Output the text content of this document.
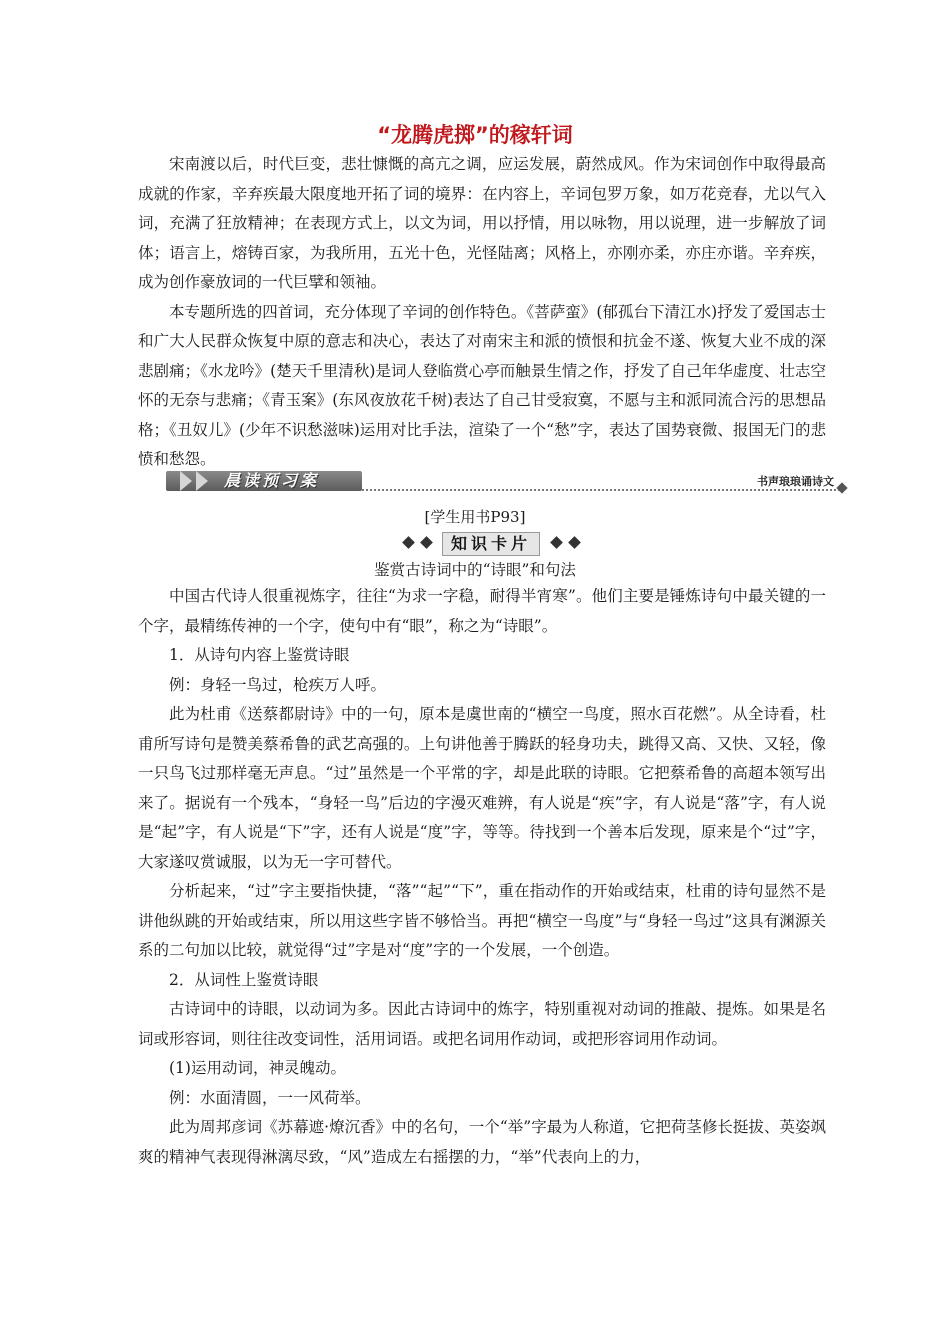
“龙腾虎掷”的稼轩词

宋南渡以后，时代巨变，悲壮慷慨的高亢之调，应运发展，蔚然成风。作为宋词创作中取得最高成就的作家，辛弃疾最大限度地开拓了词的境界：在内容上，辛词包罗万象，如万花竞春，尤以气入词，充满了狂放精神；在表现方式上，以文为词，用以抒情，用以咏物，用以说理，进一步解放了词体；语言上，熔铸百家，为我所用，五光十色，光怪陆离；风格上，亦刚亦柔，亦庄亦谐。辛弃疾，成为创作豪放词的一代巨擘和领袖。

本专题所选的四首词，充分体现了辛词的创作特色。《菩萨蛮》(郁孤台下清江水)抒发了爱国志士和广大人民群众恢复中原的意志和决心，表达了对南宋主和派的愤恨和抗金不遂、恢复大业不成的深悲剧痛；《水龙吟》(楚天千里清秋)是词人登临赏心亭而触景生情之作，抒发了自己年华虚度、壮志空怀的无奈与悲痛；《青玉案》(东风夜放花千树)表达了自己甘受寂寞，不愿与主和派同流合污的思想品格；《丑奴儿》(少年不识愁滋味)运用对比手法，渲染了一个“愁”字，表达了国势衰微、报国无门的悲愤和愁怨。

晨读预习案	书声琅琅诵诗文
[学生用书P93]
知识卡片
鉴赏古诗词中的“诗眼”和句法

中国古代诗人很重视炼字，往往“为求一字稳，耐得半宵寒”。他们主要是锤炼诗句中最关键的一个字，最精练传神的一个字，使句中有“眼”，称之为“诗眼”。

1．从诗句内容上鉴赏诗眼

例：身轻一鸟过，枪疾万人呼。

此为杜甫《送蔡都尉诗》中的一句，原本是虞世南的“横空一鸟度，照水百花燃”。从全诗看，杜甫所写诗句是赞美蔡希鲁的武艺高强的。上句讲他善于腾跃的轻身功夫，跳得又高、又快、又轻，像一只鸟飞过那样毫无声息。“过”虽然是一个平常的字，却是此联的诗眼。它把蔡希鲁的高超本领写出来了。据说有一个残本，“身轻一鸟”后边的字漫灭难辨，有人说是“疾”字，有人说是“落”字，有人说是“起”字，有人说是“下”字，还有人说是“度”字，等等。待找到一个善本后发现，原来是个“过”字，大家遂叹赏诚服，以为无一字可替代。

分析起来，“过”字主要指快捷，“落”“起”“下”，重在指动作的开始或结束，杜甫的诗句显然不是讲他纵跳的开始或结束，所以用这些字皆不够恰当。再把“横空一鸟度”与“身轻一鸟过”这具有渊源关系的二句加以比较，就觉得“过”字是对“度”字的一个发展，一个创造。

2．从词性上鉴赏诗眼

古诗词中的诗眼，以动词为多。因此古诗词中的炼字，特别重视对动词的推敲、提炼。如果是名词或形容词，则往往改变词性，活用词语。或把名词用作动词，或把形容词用作动词。

(1)运用动词，神灵魄动。

例：水面清圆，一一风荷举。

此为周邦彦词《苏幕遮·燎沉香》中的名句，一个“举”字最为人称道，它把荷茎修长挺拔、英姿飒爽的精神气表现得淋漓尽致，“风”造成左右摇摆的力，“举”代表向上的力，
